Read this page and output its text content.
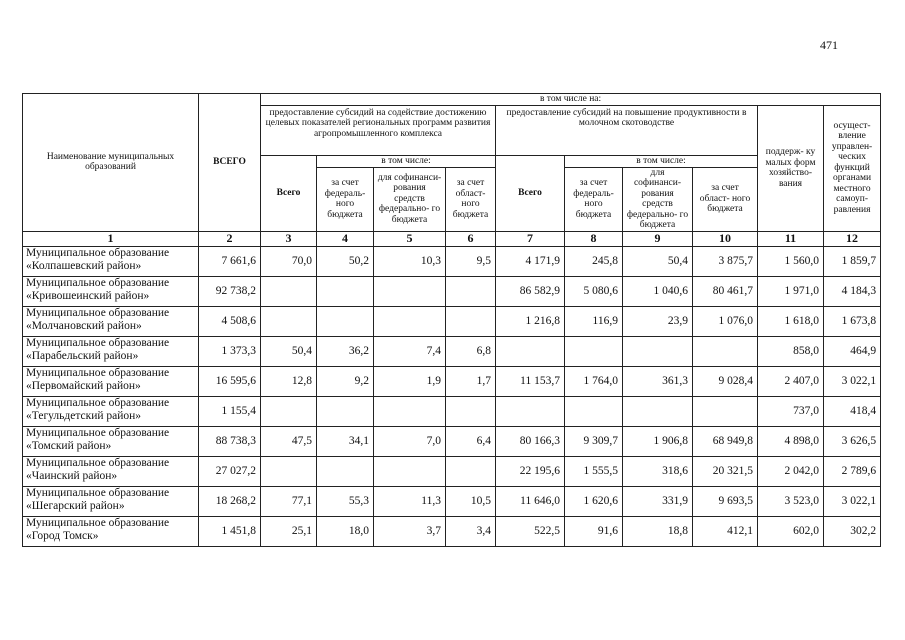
471
Наименование муниципальных образований	ВСЕГО	в том числе на:									
		предоставление субсидий на содействие достижению целевых показателей региональных программ развития агропромышленного комплекса				предоставление субсидий на повышение продуктивности в молочном скотоводстве				поддерж- ку малых форм хозяйство- вания	осущест- вление управлен- ческих функций органами местного самоуп- равления
		Всего	в том числе:			Всего	в том числе:				
			за счет федераль- ного бюджета	для софинанси- рования средств федерально- го бюджета	за счет област- ного бюджета		за счет федераль- ного бюджета	для софинанси- рования средств федерально- го бюджета	за счет област- ного бюджета		
1	2	3	4	5	6	7	8	9	10	11	12

Муниципальное образование
«Колпашевский район»	7 661,6	70,0	50,2	10,3	9,5	4 171,9	245,8	50,4	3 875,7	1 560,0	1 859,7

Муниципальное образование
«Кривошеинский район»	92 738,2					86 582,9	5 080,6	1 040,6	80 461,7	1 971,0	4 184,3

Муниципальное образование
«Молчановский район»	4 508,6					1 216,8	116,9	23,9	1 076,0	1 618,0	1 673,8

Муниципальное образование
«Парабельский район»	1 373,3	50,4	36,2	7,4	6,8					858,0	464,9

Муниципальное образование
«Первомайский район»	16 595,6	12,8	9,2	1,9	1,7	11 153,7	1 764,0	361,3	9 028,4	2 407,0	3 022,1

Муниципальное образование
«Тегульдетский район»	1 155,4									737,0	418,4

Муниципальное образование
«Томский район»	88 738,3	47,5	34,1	7,0	6,4	80 166,3	9 309,7	1 906,8	68 949,8	4 898,0	3 626,5

Муниципальное образование
«Чаинский район»	27 027,2					22 195,6	1 555,5	318,6	20 321,5	2 042,0	2 789,6

Муниципальное образование
«Шегарский район»	18 268,2	77,1	55,3	11,3	10,5	11 646,0	1 620,6	331,9	9 693,5	3 523,0	3 022,1

Муниципальное образование
«Город Томск»	1 451,8	25,1	18,0	3,7	3,4	522,5	91,6	18,8	412,1	602,0	302,2
